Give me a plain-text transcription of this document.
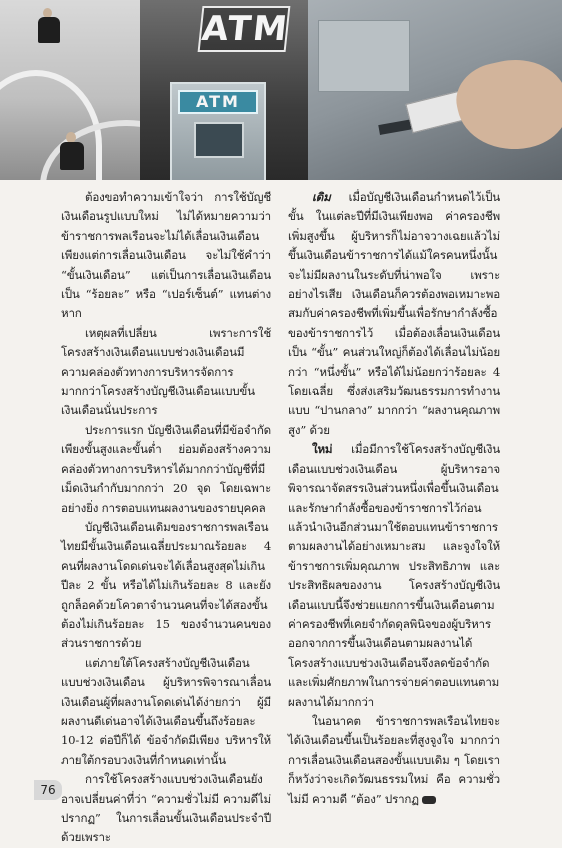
ATM
ATM

ต้องขอทำความเข้าใจว่า การใช้บัญชีเงินเดือนรูปแบบใหม่ ไม่ได้หมายความว่า ข้าราชการพลเรือนจะไม่ได้เลื่อนเงินเดือน เพียงแต่การเลื่อนเงินเดือน จะไม่ใช้คำว่า “ขั้นเงินเดือน” แต่เป็นการเลื่อนเงินเดือนเป็น “ร้อยละ” หรือ “เปอร์เซ็นต์” แทนต่างหาก

เหตุผลที่เปลี่ยน เพราะการใช้โครงสร้างเงินเดือนแบบช่วงเงินเดือนมีความคล่องตัวทางการบริหารจัดการมากกว่าโครงสร้างบัญชีเงินเดือนแบบขั้นเงินเดือนนั่นประการ

ประการแรก บัญชีเงินเดือนที่มีข้อจำกัดเพียงขั้นสูงและขั้นต่ำ ย่อมต้องสร้างความคล่องตัวทางการบริหารได้มากกว่าบัญชีที่มีเม็ดเงินกำกับมากกว่า 20 จุด โดยเฉพาะอย่างยิ่ง การตอบแทนผลงานของรายบุคคล

บัญชีเงินเดือนเดิมของราชการพลเรือนไทยมีขั้นเงินเดือนเฉลี่ยประมาณร้อยละ 4 คนที่ผลงานโดดเด่นจะได้เลื่อนสูงสุดไม่เกินปีละ 2 ขั้น หรือได้ไม่เกินร้อยละ 8 และยังถูกล็อคด้วยโควตาจำนวนคนที่จะได้สองขั้นต้องไม่เกินร้อยละ 15 ของจำนวนคนของส่วนราชการด้วย

แต่ภายใต้โครงสร้างบัญชีเงินเดือนแบบช่วงเงินเดือน ผู้บริหารพิจารณาเลื่อนเงินเดือนผู้ที่ผลงานโดดเด่นได้ง่ายกว่า ผู้มีผลงานดีเด่นอาจได้เงินเดือนขึ้นถึงร้อยละ 10-12 ต่อปีก็ได้ ข้อจำกัดมีเพียง บริหารให้ภายใต้กรอบวงเงินที่กำหนดเท่านั้น

การใช้โครงสร้างแบบช่วงเงินเดือนยังอาจเปลี่ยนค่าที่ว่า “ความชั่วไม่มี ความดีไม่ปรากฏ” ในการเลื่อนขั้นเงินเดือนประจำปีด้วยเพราะ

เดิม เมื่อบัญชีเงินเดือนกำหนดไว้เป็นขั้น ในแต่ละปีที่มีเงินเพียงพอ ค่าครองชีพเพิ่มสูงขึ้น ผู้บริหารก็ไม่อาจวางเฉยแล้วไม่ขึ้นเงินเดือนข้าราชการได้แม้ใครคนหนึ่งนั้นจะไม่มีผลงานในระดับที่น่าพอใจ เพราะอย่างไรเสีย เงินเดือนก็ควรต้องพอเหมาะพอสมกับค่าครองชีพที่เพิ่มขึ้นเพื่อรักษากำลังซื้อของข้าราชการไว้ เมื่อต้องเลื่อนเงินเดือนเป็น “ขั้น” คนส่วนใหญ่ก็ต้องได้เลื่อนไม่น้อยกว่า “หนึ่งขั้น” หรือได้ไม่น้อยกว่าร้อยละ 4 โดยเฉลี่ย ซึ่งส่งเสริมวัฒนธรรมการทำงานแบบ “ปานกลาง” มากกว่า “ผลงานคุณภาพสูง” ด้วย

ใหม่ เมื่อมีการใช้โครงสร้างบัญชีเงินเดือนแบบช่วงเงินเดือน ผู้บริหารอาจพิจารณาจัดสรรเงินส่วนหนึ่งเพื่อขึ้นเงินเดือนและรักษากำลังซื้อของข้าราชการไว้ก่อน แล้วนำเงินอีกส่วนมาใช้ตอบแทนข้าราชการตามผลงานได้อย่างเหมาะสม และจูงใจให้ข้าราชการเพิ่มคุณภาพ ประสิทธิภาพ และประสิทธิผลของงาน โครงสร้างบัญชีเงินเดือนแบบนี้จึงช่วยแยกการขึ้นเงินเดือนตามค่าครองชีพที่เคยจำกัดดุลพินิจของผู้บริหาร ออกจากการขึ้นเงินเดือนตามผลงานได้ โครงสร้างแบบช่วงเงินเดือนจึงลดข้อจำกัด และเพิ่มศักยภาพในการจ่ายค่าตอบแทนตามผลงานได้มากกว่า

ในอนาคต ข้าราชการพลเรือนไทยจะได้เงินเดือนขึ้นเป็นร้อยละที่สูงจูงใจ มากกว่าการเลื่อนเงินเดือนสองขั้นแบบเดิม ๆ โดยเราก็หวังว่าจะเกิดวัฒนธรรมใหม่ คือ ความชั่วไม่มี ความดี “ต้อง” ปรากฏ

76
